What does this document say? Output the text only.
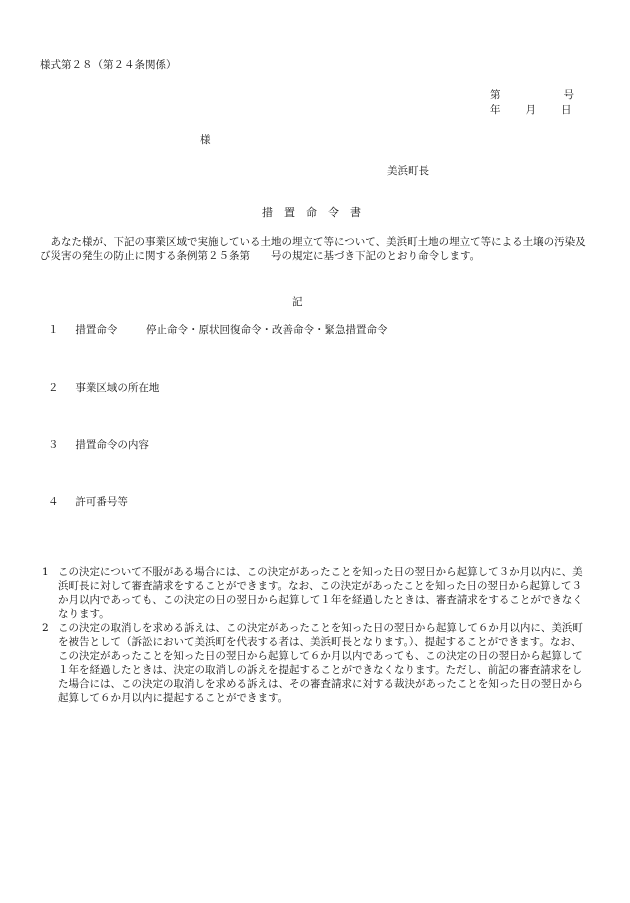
様式第２８（第２４条関係）
第	号
年 月 日
様
美浜町長
措　置　命　令　書
あなた様が、下記の事業区域で実施している土地の埋立て等について、美浜町土地の埋立て等による土壌の汚染及び災害の発生の防止に関する条例第２５条第　　号の規定に基づき下記のとおり命令します。
記
１ 措置命令	停止命令・原状回復命令・改善命令・緊急措置命令
２ 事業区域の所在地
３ 措置命令の内容
４ 許可番号等
1 この決定について不服がある場合には、この決定があったことを知った日の翌日から起算して３か月以内に、美浜町長に対して審査請求をすることができます。なお、この決定があったことを知った日の翌日から起算して３か月以内であっても、この決定の日の翌日から起算して１年を経過したときは、審査請求をすることができなくなります。
2 この決定の取消しを求める訴えは、この決定があったことを知った日の翌日から起算して６か月以内に、美浜町を被告として（訴訟において美浜町を代表する者は、美浜町長となります。）、提起することができます。なお、この決定があったことを知った日の翌日から起算して６か月以内であっても、この決定の日の翌日から起算して１年を経過したときは、決定の取消しの訴えを提起することができなくなります。ただし、前記の審査請求をした場合には、この決定の取消しを求める訴えは、その審査請求に対する裁決があったことを知った日の翌日から起算して６か月以内に提起することができます。
